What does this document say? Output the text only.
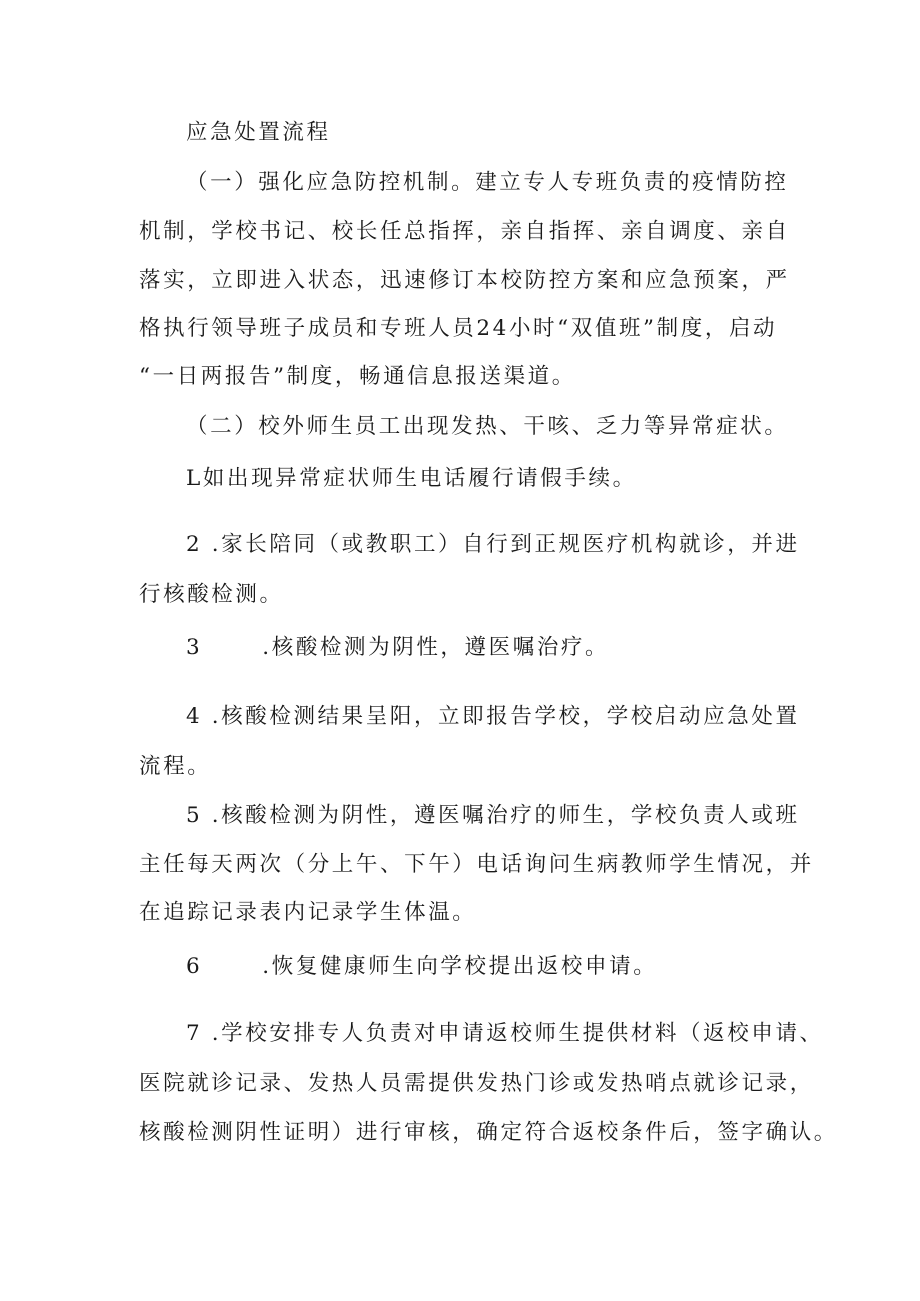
应急处置流程
（一）强化应急防控机制。建立专人专班负责的疫情防控
机制，学校书记、校长任总指挥，亲自指挥、亲自调度、亲自
落实，立即进入状态，迅速修订本校防控方案和应急预案，严
格执行领导班子成员和专班人员24小时“双值班”制度，启动
“一日两报告”制度，畅通信息报送渠道。
（二）校外师生员工出现发热、干咳、乏力等异常症状。
L如出现异常症状师生电话履行请假手续。
2 .家长陪同（或教职工）自行到正规医疗机构就诊，并进
行核酸检测。
3	.核酸检测为阴性，遵医嘱治疗。
4 .核酸检测结果呈阳，立即报告学校，学校启动应急处置
流程。
5 .核酸检测为阴性，遵医嘱治疗的师生，学校负责人或班
主任每天两次（分上午、下午）电话询问生病教师学生情况，并
在追踪记录表内记录学生体温。
6	.恢复健康师生向学校提出返校申请。
7 .学校安排专人负责对申请返校师生提供材料（返校申请、
医院就诊记录、发热人员需提供发热门诊或发热哨点就诊记录，
核酸检测阴性证明）进行审核，确定符合返校条件后，签字确认。
